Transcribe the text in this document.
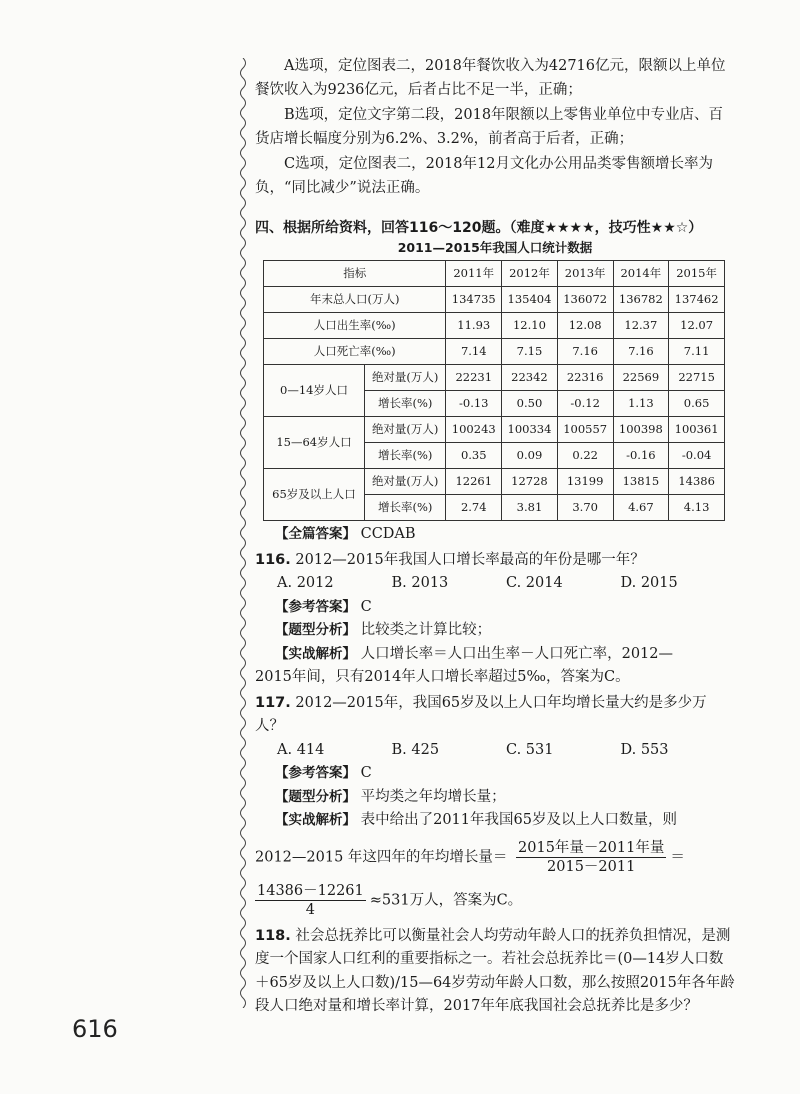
A选项，定位图表二，2018年餐饮收入为42716亿元，限额以上单位餐饮收入为9236亿元，后者占比不足一半，正确；

B选项，定位文字第二段，2018年限额以上零售业单位中专业店、百货店增长幅度分别为6.2%、3.2%，前者高于后者，正确；

C选项，定位图表二，2018年12月文化办公用品类零售额增长率为负，“同比减少”说法正确。

四、根据所给资料，回答116～120题。（难度★★★★，技巧性★★☆）
2011—2015年我国人口统计数据
指标		2011年	2012年	2013年	2014年	2015年
年末总人口(万人)		134735	135404	136072	136782	137462
人口出生率(‰)		11.93	12.10	12.08	12.37	12.07
人口死亡率(‰)		7.14	7.15	7.16	7.16	7.11
0—14岁人口	绝对量(万人)	22231	22342	22316	22569	22715
	增长率(%)	-0.13	0.50	-0.12	1.13	0.65
15—64岁人口	绝对量(万人)	100243	100334	100557	100398	100361
	增长率(%)	0.35	0.09	0.22	-0.16	-0.04
65岁及以上人口	绝对量(万人)	12261	12728	13199	13815	14386
	增长率(%)	2.74	3.81	3.70	4.67	4.13
【全篇答案】 CCDAB
116. 2012—2015年我国人口增长率最高的年份是哪一年？
A. 2012	B. 2013	C. 2014	D. 2015
【参考答案】 C
【题型分析】 比较类之计算比较；
【实战解析】 人口增长率＝人口出生率－人口死亡率，2012—

2015年间，只有2014年人口增长率超过5‰，答案为C。

117. 2012—2015年，我国65岁及以上人口年均增长量大约是多少万人？
A. 414	B. 425	C. 531	D. 553
【参考答案】 C
【题型分析】 平均类之年均增长量；
【实战解析】 表中给出了2011年我国65岁及以上人口数量，则
2012—2015 年这四年的年均增长量＝ $\frac{\text{2015年量－2011年量}}{2015-2011}$ ＝
$\frac{14386-12261}{4} \approx 531$万人，答案为C。
118. 社会总抚养比可以衡量社会人均劳动年龄人口的抚养负担情况，是测度一个国家人口红利的重要指标之一。若社会总抚养比＝(0—14岁人口数＋65岁及以上人口数)/15—64岁劳动年龄人口数，那么按照2015年各年龄段人口绝对量和增长率计算，2017年年底我国社会总抚养比是多少？
616
